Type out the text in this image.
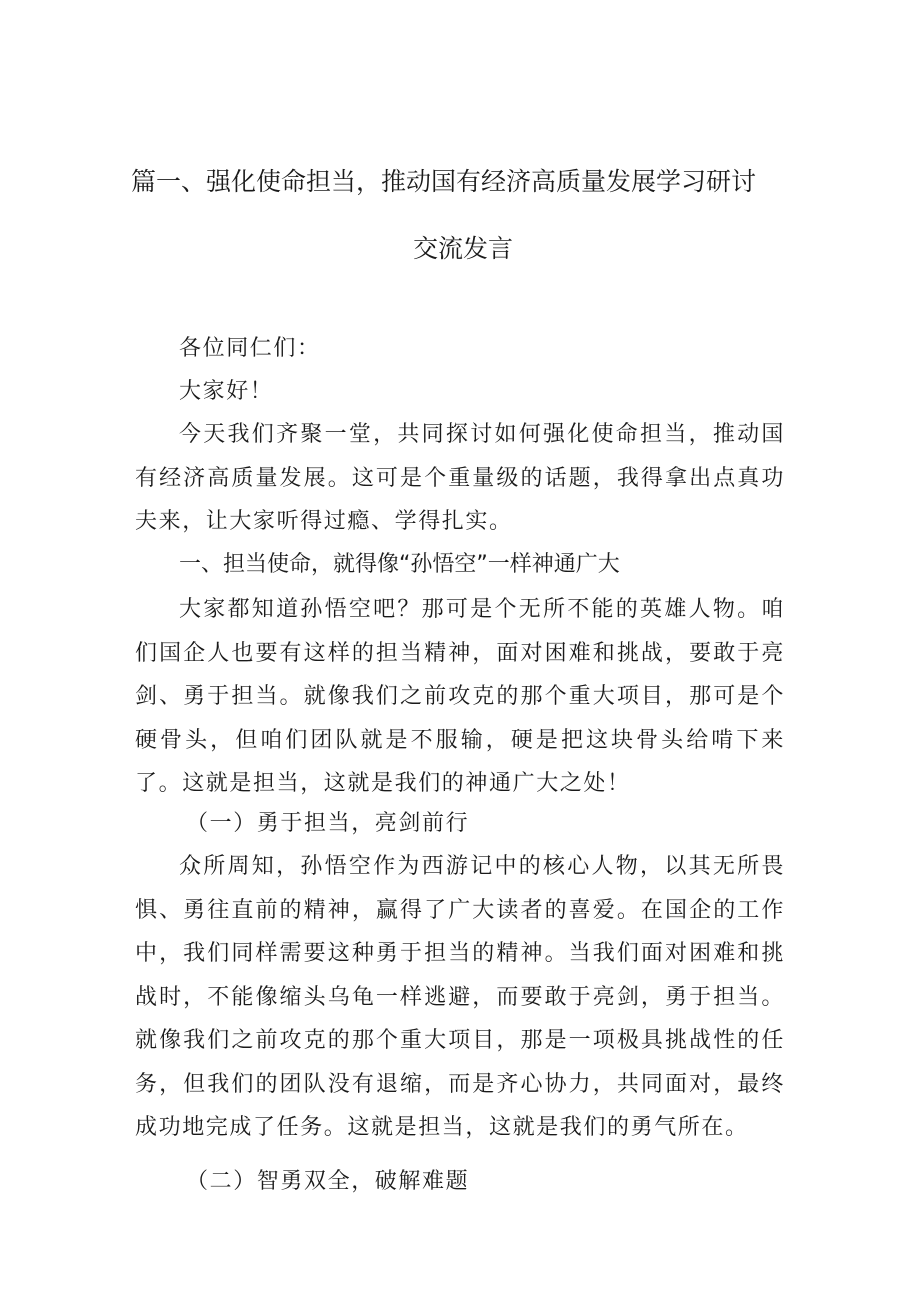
篇一、强化使命担当，推动国有经济高质量发展学习研讨
交流发言

各位同仁们：

大家好！

今天我们齐聚一堂，共同探讨如何强化使命担当，推动国有经济高质量发展。这可是个重量级的话题，我得拿出点真功夫来，让大家听得过瘾、学得扎实。

一、担当使命，就得像“孙悟空”一样神通广大

大家都知道孙悟空吧？那可是个无所不能的英雄人物。咱们国企人也要有这样的担当精神，面对困难和挑战，要敢于亮剑、勇于担当。就像我们之前攻克的那个重大项目，那可是个硬骨头，但咱们团队就是不服输，硬是把这块骨头给啃下来了。这就是担当，这就是我们的神通广大之处！

（一）勇于担当，亮剑前行

众所周知，孙悟空作为西游记中的核心人物，以其无所畏惧、勇往直前的精神，赢得了广大读者的喜爱。在国企的工作中，我们同样需要这种勇于担当的精神。当我们面对困难和挑战时，不能像缩头乌龟一样逃避，而要敢于亮剑，勇于担当。就像我们之前攻克的那个重大项目，那是一项极具挑战性的任务，但我们的团队没有退缩，而是齐心协力，共同面对，最终成功地完成了任务。这就是担当，这就是我们的勇气所在。

（二）智勇双全，破解难题
